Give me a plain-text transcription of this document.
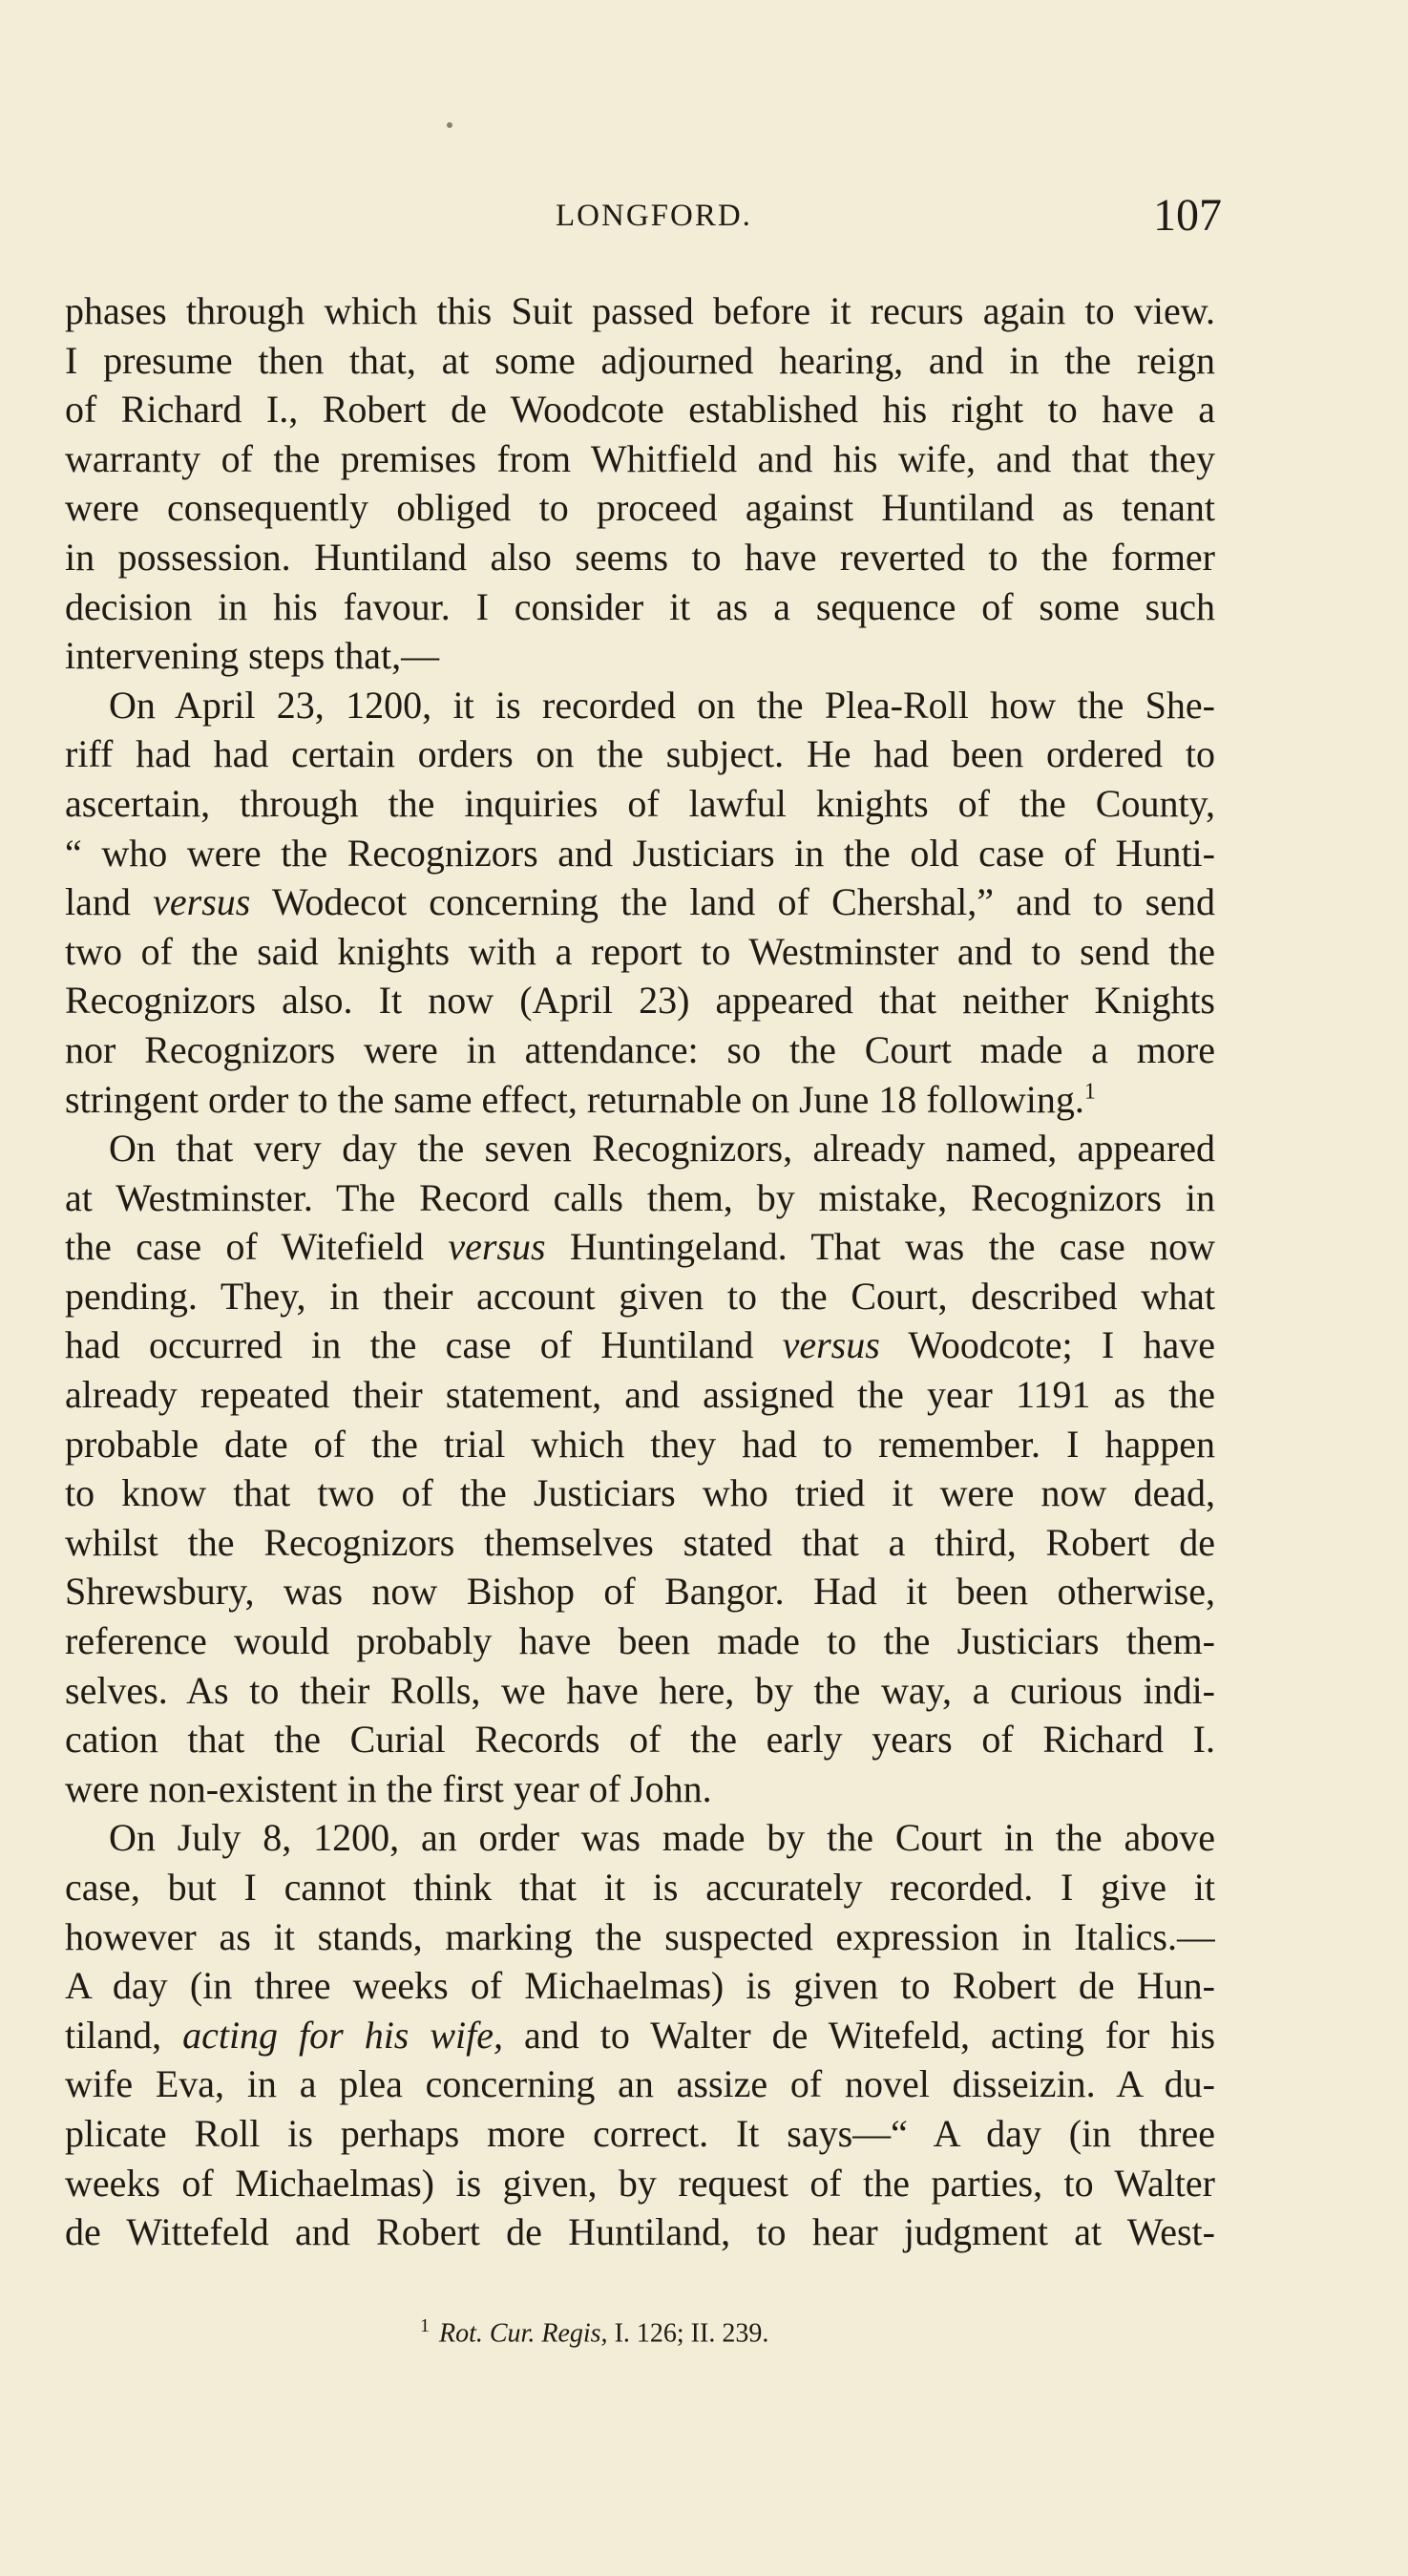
LONGFORD.	107
phases through which this Suit passed before it recurs again to view.
I presume then that, at some adjourned hearing, and in the reign
of Richard I., Robert de Woodcote established his right to have a
warranty of the premises from Whitfield and his wife, and that they
were consequently obliged to proceed against Huntiland as tenant
in possession. Huntiland also seems to have reverted to the former
decision in his favour. I consider it as a sequence of some such
intervening steps that,—
On April 23, 1200, it is recorded on the Plea-Roll how the She-
riff had had certain orders on the subject. He had been ordered to
ascertain, through the inquiries of lawful knights of the County,
“ who were the Recognizors and Justiciars in the old case of Hunti-
land versus Wodecot concerning the land of Chershal,” and to send
two of the said knights with a report to Westminster and to send the
Recognizors also. It now (April 23) appeared that neither Knights
nor Recognizors were in attendance: so the Court made a more
stringent order to the same effect, returnable on June 18 following.$^1$
On that very day the seven Recognizors, already named, appeared
at Westminster. The Record calls them, by mistake, Recognizors in
the case of Witefield versus Huntingeland. That was the case now
pending. They, in their account given to the Court, described what
had occurred in the case of Huntiland versus Woodcote; I have
already repeated their statement, and assigned the year 1191 as the
probable date of the trial which they had to remember. I happen
to know that two of the Justiciars who tried it were now dead,
whilst the Recognizors themselves stated that a third, Robert de
Shrewsbury, was now Bishop of Bangor. Had it been otherwise,
reference would probably have been made to the Justiciars them-
selves. As to their Rolls, we have here, by the way, a curious indi-
cation that the Curial Records of the early years of Richard I.
were non-existent in the first year of John.
On July 8, 1200, an order was made by the Court in the above
case, but I cannot think that it is accurately recorded. I give it
however as it stands, marking the suspected expression in Italics.—
A day (in three weeks of Michaelmas) is given to Robert de Hun-
tiland, acting for his wife, and to Walter de Witefeld, acting for his
wife Eva, in a plea concerning an assize of novel disseizin. A du-
plicate Roll is perhaps more correct. It says—“ A day (in three
weeks of Michaelmas) is given, by request of the parties, to Walter
de Wittefeld and Robert de Huntiland, to hear judgment at West-
$^1$ Rot. Cur. Regis, I. 126; II. 239.
